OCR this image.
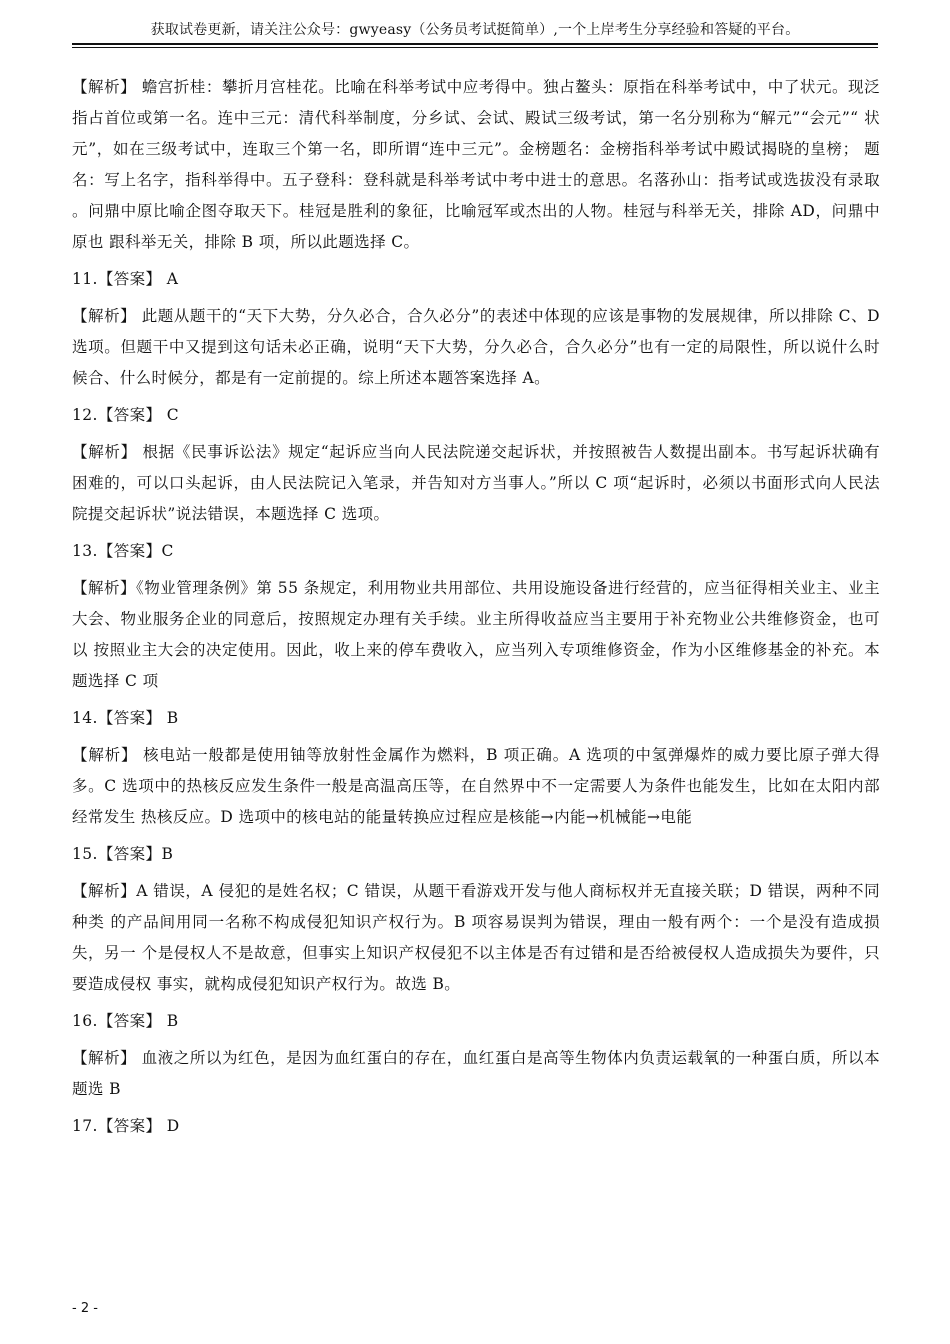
获取试卷更新，请关注公众号：gwyeasy（公务员考试挺简单）,一个上岸考生分享经验和答疑的平台。

【解析】 蟾宫折桂：攀折月宫桂花。比喻在科举考试中应考得中。独占鳌头：原指在科举考试中，中了状元。现泛 指占首位或第一名。连中三元：清代科举制度，分乡试、会试、殿试三级考试，第一名分别称为“解元”“会元”“ 状元”，如在三级考试中，连取三个第一名，即所谓“连中三元”。金榜题名：金榜指科举考试中殿试揭晓的皇榜； 题名：写上名字，指科举得中。五子登科：登科就是科举考试中考中进士的意思。名落孙山：指考试或选拔没有录取 。问鼎中原比喻企图夺取天下。桂冠是胜利的象征，比喻冠军或杰出的人物。桂冠与科举无关，排除 AD，问鼎中原也 跟科举无关，排除 B 项，所以此题选择 C。

11.【答案】 A

【解析】 此题从题干的“天下大势，分久必合，合久必分”的表述中体现的应该是事物的发展规律，所以排除 C、D 选项。但题干中又提到这句话未必正确，说明“天下大势，分久必合，合久必分”也有一定的局限性，所以说什么时 候合、什么时候分，都是有一定前提的。综上所述本题答案选择 A。

12.【答案】 C

【解析】 根据《民事诉讼法》规定“起诉应当向人民法院递交起诉状，并按照被告人数提出副本。书写起诉状确有 困难的，可以口头起诉，由人民法院记入笔录，并告知对方当事人。”所以 C 项“起诉时，必须以书面形式向人民法 院提交起诉状”说法错误，本题选择 C 选项。

13.【答案】C

【解析】《物业管理条例》第 55 条规定，利用物业共用部位、共用设施设备进行经营的，应当征得相关业主、业主 大会、物业服务企业的同意后，按照规定办理有关手续。业主所得收益应当主要用于补充物业公共维修资金，也可以 按照业主大会的决定使用。因此，收上来的停车费收入，应当列入专项维修资金，作为小区维修基金的补充。本题选择 C 项

14.【答案】 B

【解析】 核电站一般都是使用铀等放射性金属作为燃料，B 项正确。A 选项的中氢弹爆炸的威力要比原子弹大得多。C 选项中的热核反应发生条件一般是高温高压等，在自然界中不一定需要人为条件也能发生，比如在太阳内部经常发生 热核反应。D 选项中的核电站的能量转换应过程应是核能→内能→机械能→电能

15.【答案】B

【解析】A 错误，A 侵犯的是姓名权；C 错误，从题干看游戏开发与他人商标权并无直接关联；D 错误，两种不同种类 的产品间用同一名称不构成侵犯知识产权行为。B 项容易误判为错误，理由一般有两个：一个是没有造成损失，另一 个是侵权人不是故意，但事实上知识产权侵犯不以主体是否有过错和是否给被侵权人造成损失为要件，只要造成侵权 事实，就构成侵犯知识产权行为。故选 B。

16.【答案】 B

【解析】 血液之所以为红色，是因为血红蛋白的存在，血红蛋白是高等生物体内负责运载氧的一种蛋白质，所以本题选 B

17.【答案】 D

- 2 -
